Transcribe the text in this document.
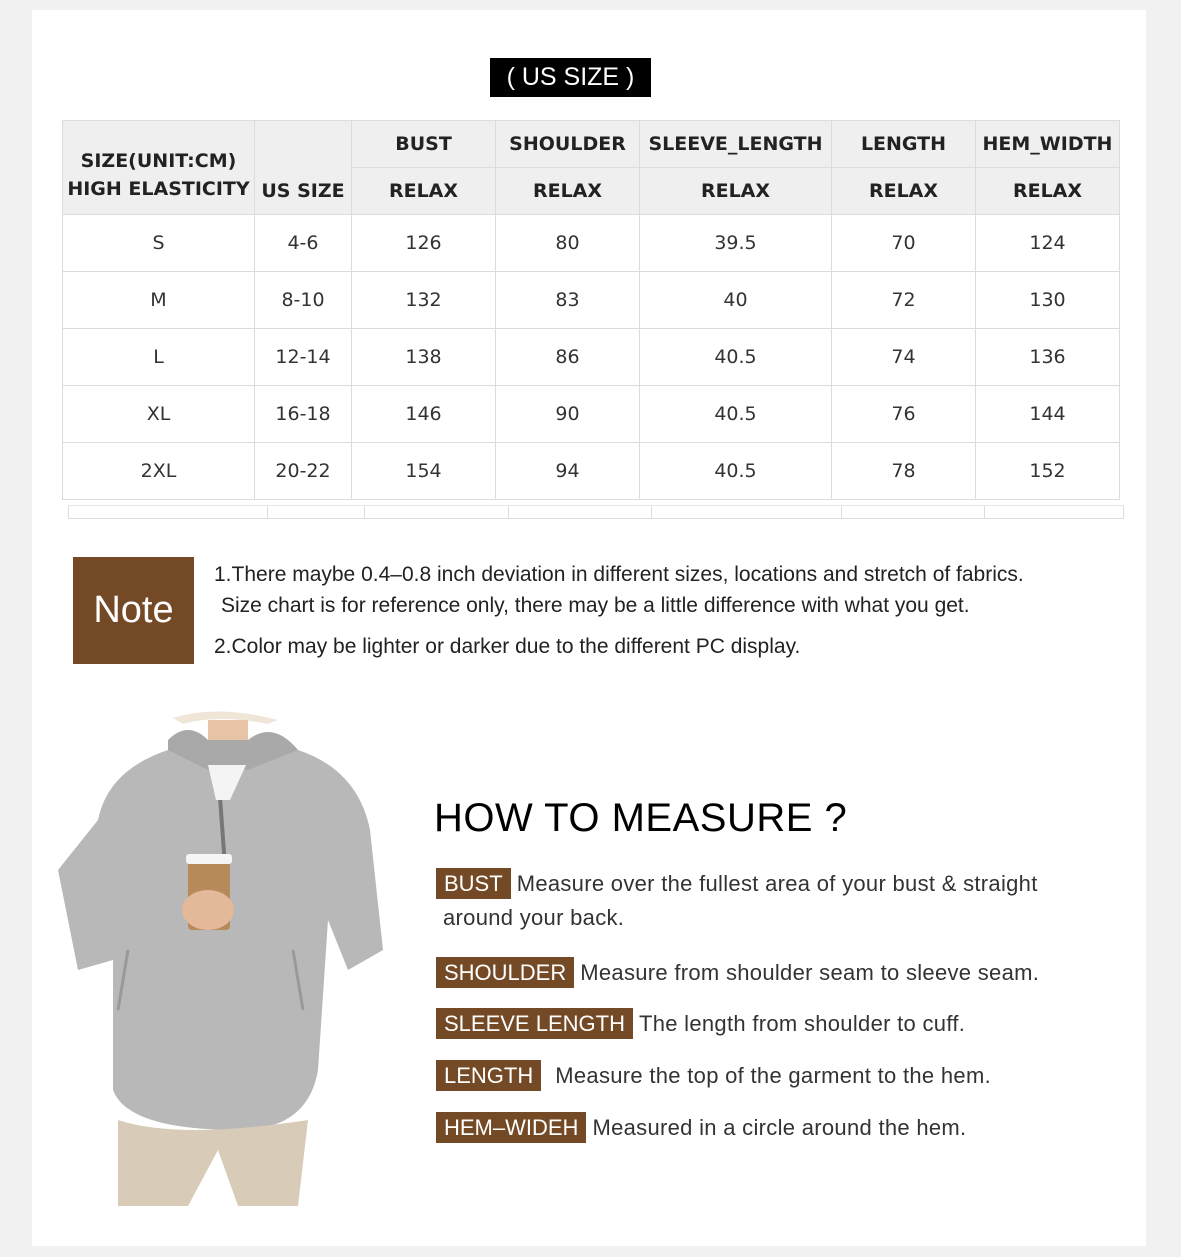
( US SIZE )
SIZE(UNIT:CM)
HIGH ELASTICITY	US SIZE	BUST	SHOULDER	SLEEVE_LENGTH	LENGTH	HEM_WIDTH
		RELAX	RELAX	RELAX	RELAX	RELAX
S	4-6	126	80	39.5	70	124
M	8-10	132	83	40	72	130
L	12-14	138	86	40.5	74	136
XL	16-18	146	90	40.5	76	144
2XL	20-22	154	94	40.5	78	152
Note
1.There maybe 0.4–0.8 inch deviation in different sizes, locations and stretch of fabrics.
Size chart is for reference only, there may be a little difference with what you get.
2.Color may be lighter or darker due to the different PC display.
HOW TO MEASURE ?
BUST Measure over the fullest area of your bust & straight
around your back.
SHOULDER Measure from shoulder seam to sleeve seam.
SLEEVE LENGTH The length from shoulder to cuff.
LENGTH	Measure the top of the garment to the hem.
HEM–WIDEH Measured in a circle around the hem.
